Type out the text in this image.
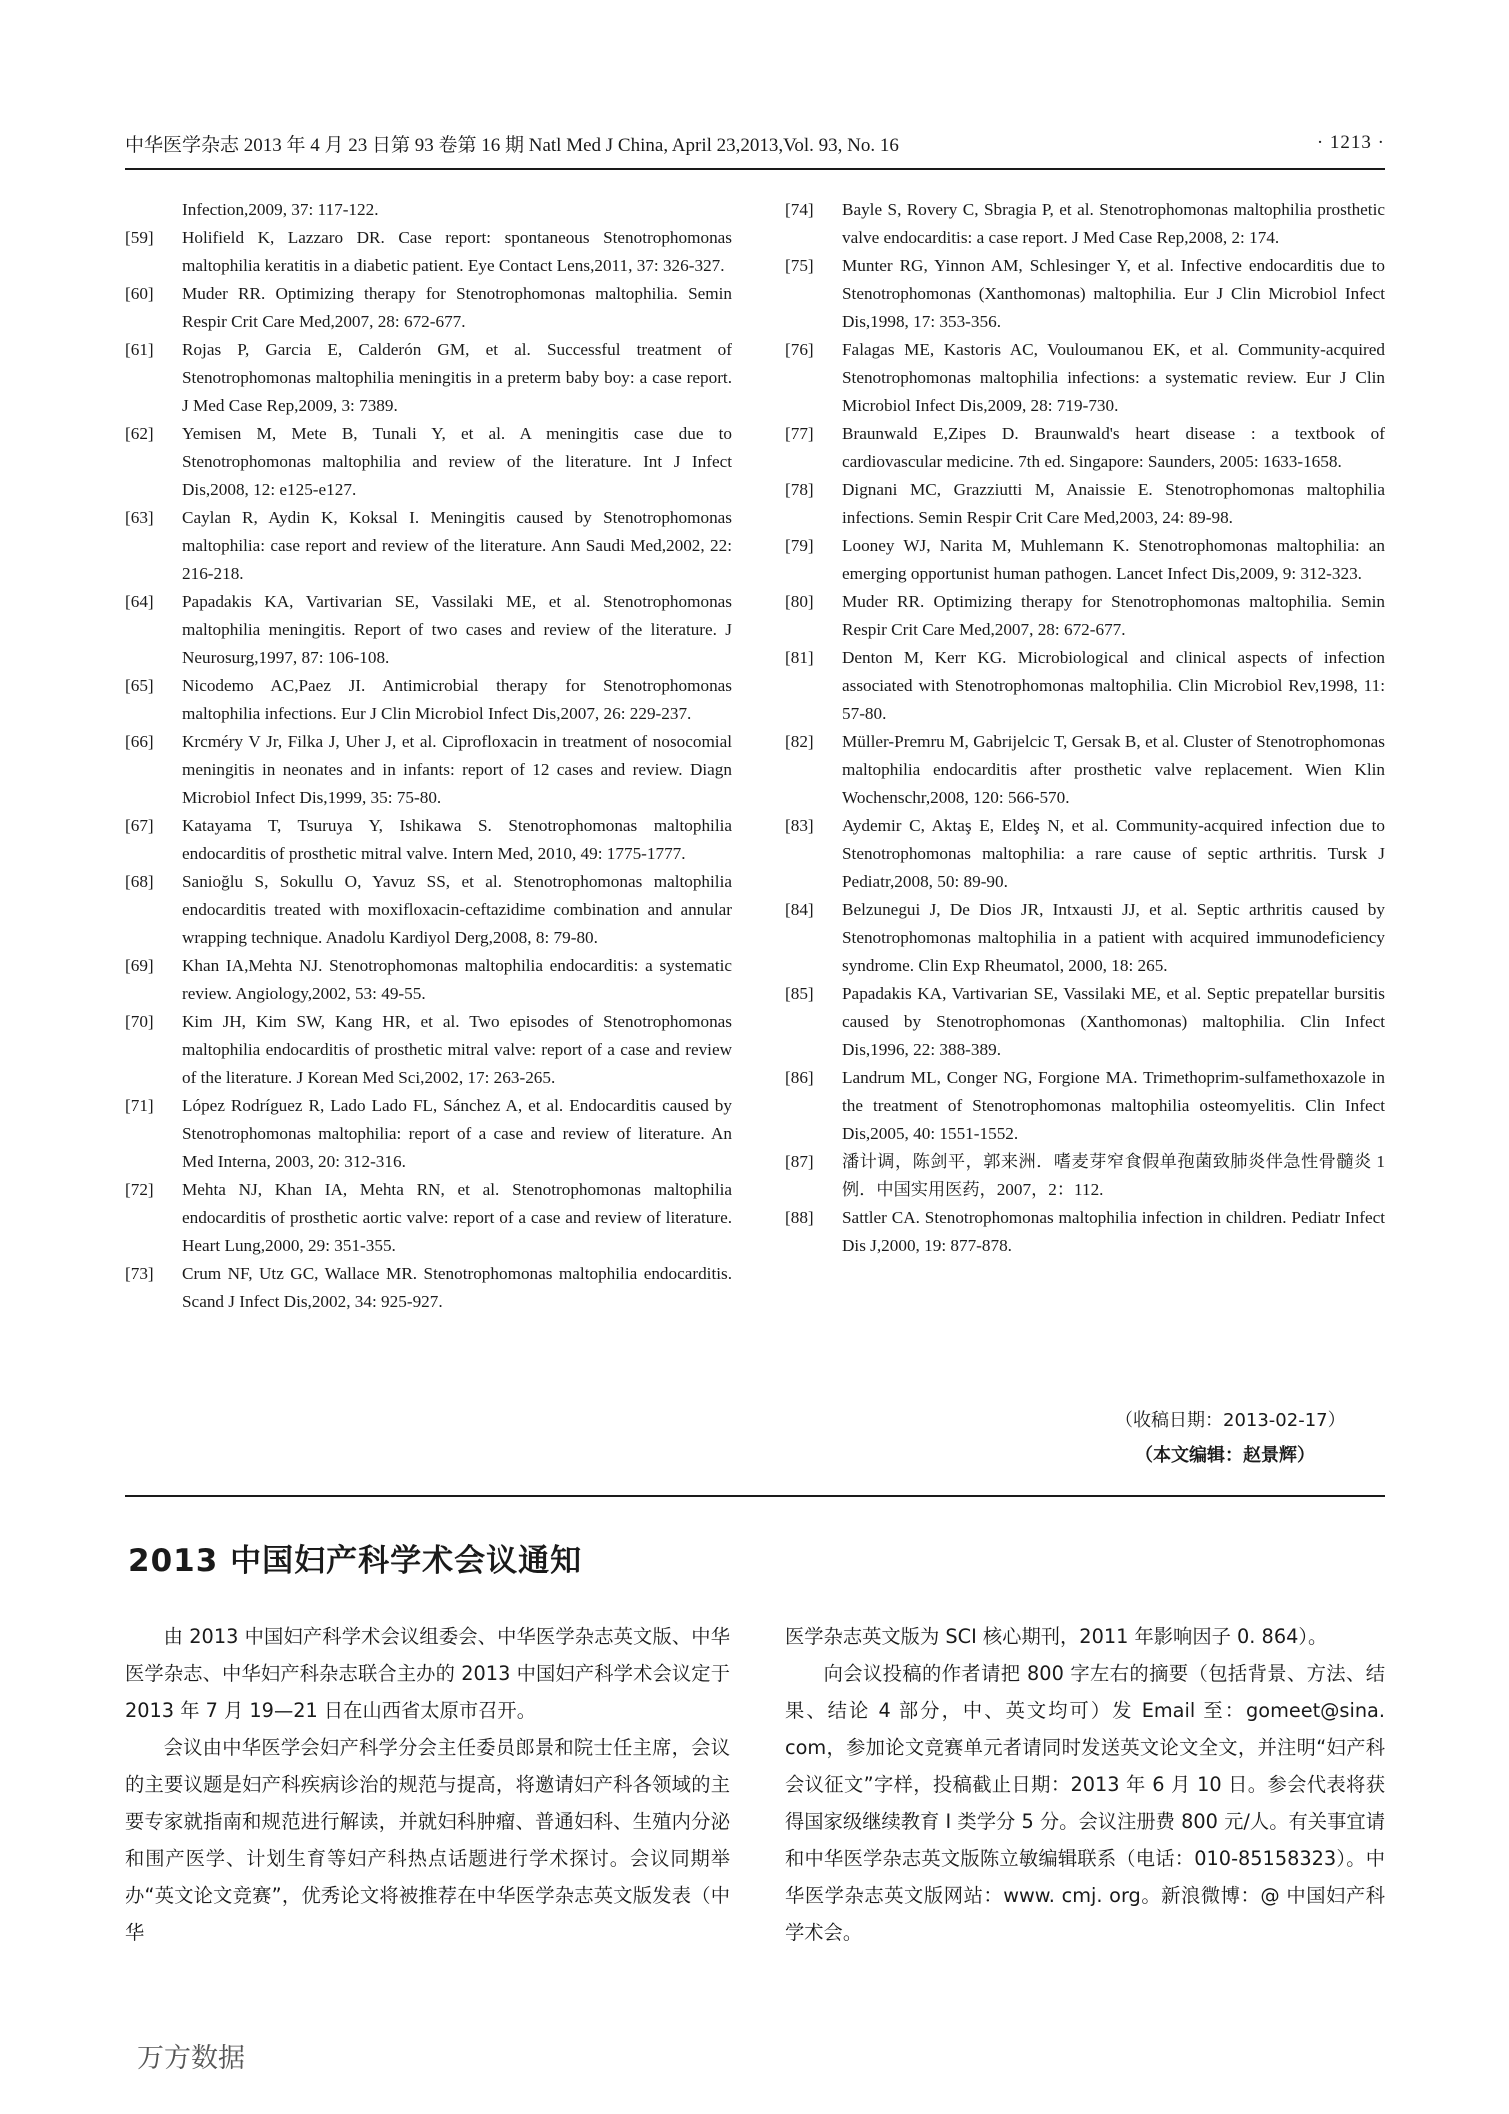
中华医学杂志 2013 年 4 月 23 日第 93 卷第 16 期 Natl Med J China, April 23,2013,Vol. 93, No. 16	· 1213 ·
Infection,2009, 37: 117-122.
[59]	Holifield K, Lazzaro DR. Case report: spontaneous Stenotrophomonas maltophilia keratitis in a diabetic patient. Eye Contact Lens,2011, 37: 326-327.
[60]	Muder RR. Optimizing therapy for Stenotrophomonas maltophilia. Semin Respir Crit Care Med,2007, 28: 672-677.
[61]	Rojas P, Garcia E, Calderón GM, et al. Successful treatment of Stenotrophomonas maltophilia meningitis in a preterm baby boy: a case report. J Med Case Rep,2009, 3: 7389.
[62]	Yemisen M, Mete B, Tunali Y, et al. A meningitis case due to Stenotrophomonas maltophilia and review of the literature. Int J Infect Dis,2008, 12: e125-e127.
[63]	Caylan R, Aydin K, Koksal I. Meningitis caused by Stenotrophomonas maltophilia: case report and review of the literature. Ann Saudi Med,2002, 22: 216-218.
[64]	Papadakis KA, Vartivarian SE, Vassilaki ME, et al. Stenotrophomonas maltophilia meningitis. Report of two cases and review of the literature. J Neurosurg,1997, 87: 106-108.
[65]	Nicodemo AC,Paez JI. Antimicrobial therapy for Stenotrophomonas maltophilia infections. Eur J Clin Microbiol Infect Dis,2007, 26: 229-237.
[66]	Krcméry V Jr, Filka J, Uher J, et al. Ciprofloxacin in treatment of nosocomial meningitis in neonates and in infants: report of 12 cases and review. Diagn Microbiol Infect Dis,1999, 35: 75-80.
[67]	Katayama T, Tsuruya Y, Ishikawa S. Stenotrophomonas maltophilia endocarditis of prosthetic mitral valve. Intern Med, 2010, 49: 1775-1777.
[68]	Sanioğlu S, Sokullu O, Yavuz SS, et al. Stenotrophomonas maltophilia endocarditis treated with moxifloxacin-ceftazidime combination and annular wrapping technique. Anadolu Kardiyol Derg,2008, 8: 79-80.
[69]	Khan IA,Mehta NJ. Stenotrophomonas maltophilia endocarditis: a systematic review. Angiology,2002, 53: 49-55.
[70]	Kim JH, Kim SW, Kang HR, et al. Two episodes of Stenotrophomonas maltophilia endocarditis of prosthetic mitral valve: report of a case and review of the literature. J Korean Med Sci,2002, 17: 263-265.
[71]	López Rodríguez R, Lado Lado FL, Sánchez A, et al. Endocarditis caused by Stenotrophomonas maltophilia: report of a case and review of literature. An Med Interna, 2003, 20: 312-316.
[72]	Mehta NJ, Khan IA, Mehta RN, et al. Stenotrophomonas maltophilia endocarditis of prosthetic aortic valve: report of a case and review of literature. Heart Lung,2000, 29: 351-355.
[73]	Crum NF, Utz GC, Wallace MR. Stenotrophomonas maltophilia endocarditis. Scand J Infect Dis,2002, 34: 925-927.
[74]	Bayle S, Rovery C, Sbragia P, et al. Stenotrophomonas maltophilia prosthetic valve endocarditis: a case report. J Med Case Rep,2008, 2: 174.
[75]	Munter RG, Yinnon AM, Schlesinger Y, et al. Infective endocarditis due to Stenotrophomonas (Xanthomonas) maltophilia. Eur J Clin Microbiol Infect Dis,1998, 17: 353-356.
[76]	Falagas ME, Kastoris AC, Vouloumanou EK, et al. Community-acquired Stenotrophomonas maltophilia infections: a systematic review. Eur J Clin Microbiol Infect Dis,2009, 28: 719-730.
[77]	Braunwald E,Zipes D. Braunwald's heart disease : a textbook of cardiovascular medicine. 7th ed. Singapore: Saunders, 2005: 1633-1658.
[78]	Dignani MC, Grazziutti M, Anaissie E. Stenotrophomonas maltophilia infections. Semin Respir Crit Care Med,2003, 24: 89-98.
[79]	Looney WJ, Narita M, Muhlemann K. Stenotrophomonas maltophilia: an emerging opportunist human pathogen. Lancet Infect Dis,2009, 9: 312-323.
[80]	Muder RR. Optimizing therapy for Stenotrophomonas maltophilia. Semin Respir Crit Care Med,2007, 28: 672-677.
[81]	Denton M, Kerr KG. Microbiological and clinical aspects of infection associated with Stenotrophomonas maltophilia. Clin Microbiol Rev,1998, 11: 57-80.
[82]	Müller-Premru M, Gabrijelcic T, Gersak B, et al. Cluster of Stenotrophomonas maltophilia endocarditis after prosthetic valve replacement. Wien Klin Wochenschr,2008, 120: 566-570.
[83]	Aydemir C, Aktaş E, Eldeş N, et al. Community-acquired infection due to Stenotrophomonas maltophilia: a rare cause of septic arthritis. Tursk J Pediatr,2008, 50: 89-90.
[84]	Belzunegui J, De Dios JR, Intxausti JJ, et al. Septic arthritis caused by Stenotrophomonas maltophilia in a patient with acquired immunodeficiency syndrome. Clin Exp Rheumatol, 2000, 18: 265.
[85]	Papadakis KA, Vartivarian SE, Vassilaki ME, et al. Septic prepatellar bursitis caused by Stenotrophomonas (Xanthomonas) maltophilia. Clin Infect Dis,1996, 22: 388-389.
[86]	Landrum ML, Conger NG, Forgione MA. Trimethoprim-sulfamethoxazole in the treatment of Stenotrophomonas maltophilia osteomyelitis. Clin Infect Dis,2005, 40: 1551-1552.
[87]	潘计调，陈剑平，郭来洲．嗜麦芽窄食假单孢菌致肺炎伴急性骨髓炎 1 例．中国实用医药，2007，2：112.
[88]	Sattler CA. Stenotrophomonas maltophilia infection in children. Pediatr Infect Dis J,2000, 19: 877-878.
（收稿日期：2013-02-17）
（本文编辑：赵景辉）
2013 中国妇产科学术会议通知

由 2013 中国妇产科学术会议组委会、中华医学杂志英文版、中华医学杂志、中华妇产科杂志联合主办的 2013 中国妇产科学术会议定于 2013 年 7 月 19—21 日在山西省太原市召开。

会议由中华医学会妇产科学分会主任委员郎景和院士任主席，会议的主要议题是妇产科疾病诊治的规范与提高，将邀请妇产科各领域的主要专家就指南和规范进行解读，并就妇科肿瘤、普通妇科、生殖内分泌和围产医学、计划生育等妇产科热点话题进行学术探讨。会议同期举办“英文论文竞赛”，优秀论文将被推荐在中华医学杂志英文版发表（中华

医学杂志英文版为 SCI 核心期刊，2011 年影响因子 0. 864）。

向会议投稿的作者请把 800 字左右的摘要（包括背景、方法、结果、结论 4 部分，中、英文均可）发 Email 至：gomeet@sina. com，参加论文竞赛单元者请同时发送英文论文全文，并注明“妇产科会议征文”字样，投稿截止日期：2013 年 6 月 10 日。参会代表将获得国家级继续教育 Ⅰ 类学分 5 分。会议注册费 800 元/人。有关事宜请和中华医学杂志英文版陈立敏编辑联系（电话：010-85158323）。中华医学杂志英文版网站：www. cmj. org。新浪微博：@ 中国妇产科学术会。

万方数据
